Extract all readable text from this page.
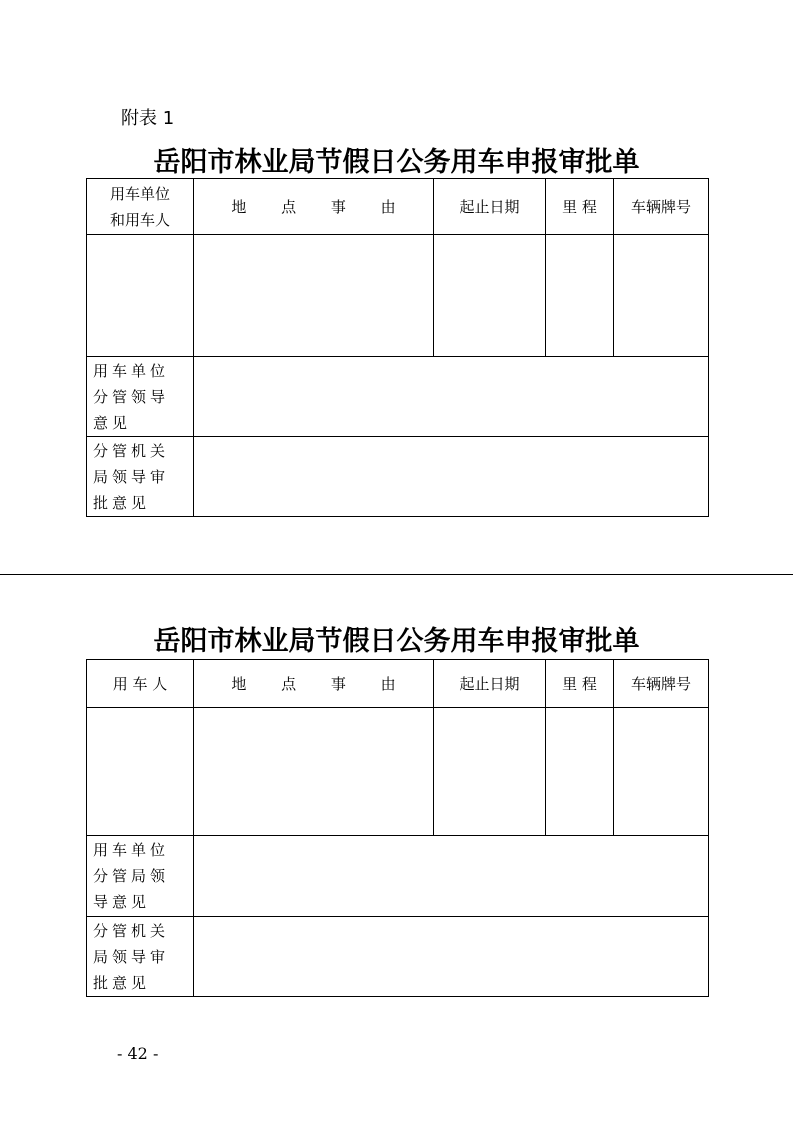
附表 1
岳阳市林业局节假日公务用车申报审批单
用车单位和用车人	地 点 事 由	起止日期	里 程	车辆牌号

用车单位分管领导意见				
分管机关局领导审批意见				
岳阳市林业局节假日公务用车申报审批单
用 车 人	地 点 事 由	起止日期	里 程	车辆牌号

用车单位分管局领导意见				
分管机关局领导审批意见				
- 42 -
